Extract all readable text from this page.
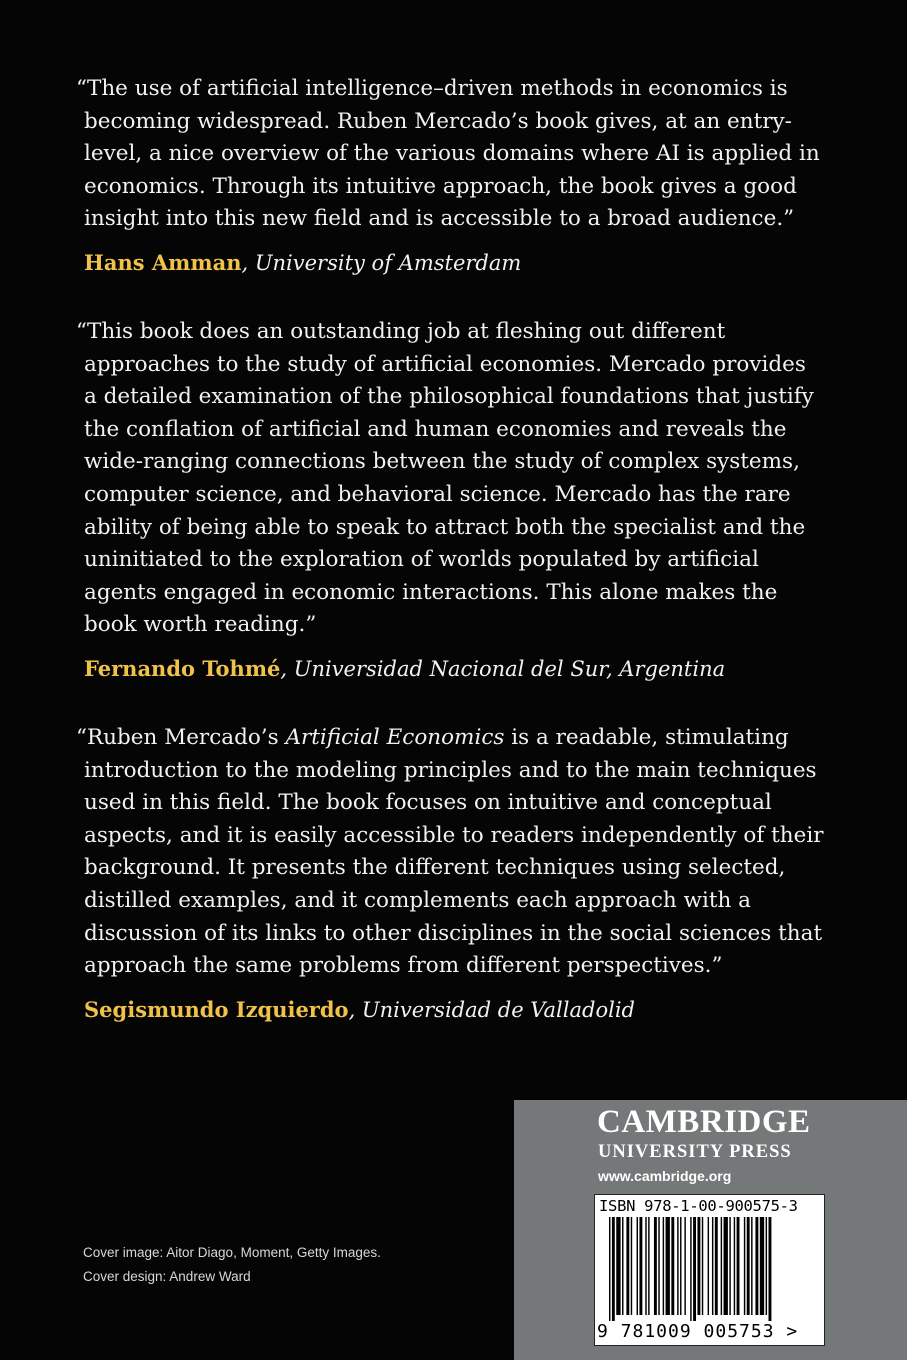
“The use of artificial intelligence–driven methods in economics is
becoming widespread. Ruben Mercado’s book gives, at an entry-
level, a nice overview of the various domains where AI is applied in
economics. Through its intuitive approach, the book gives a good
insight into this new field and is accessible to a broad audience.”

Hans Amman, University of Amsterdam

“This book does an outstanding job at fleshing out different
approaches to the study of artificial economies. Mercado provides
a detailed examination of the philosophical foundations that justify
the conflation of artificial and human economies and reveals the
wide-ranging connections between the study of complex systems,
computer science, and behavioral science. Mercado has the rare
ability of being able to speak to attract both the specialist and the
uninitiated to the exploration of worlds populated by artificial
agents engaged in economic interactions. This alone makes the
book worth reading.”

Fernando Tohmé, Universidad Nacional del Sur, Argentina

“Ruben Mercado’s Artificial Economics is a readable, stimulating
introduction to the modeling principles and to the main techniques
used in this field. The book focuses on intuitive and conceptual
aspects, and it is easily accessible to readers independently of their
background. It presents the different techniques using selected,
distilled examples, and it complements each approach with a
discussion of its links to other disciplines in the social sciences that
approach the same problems from different perspectives.”

Segismundo Izquierdo, Universidad de Valladolid
Cover image: Aitor Diago, Moment, Getty Images.
Cover design: Andrew Ward
CAMBRIDGE
UNIVERSITY PRESS
www.cambridge.org
ISBN 978-1-00-900575-3
9 781009 005753 >
